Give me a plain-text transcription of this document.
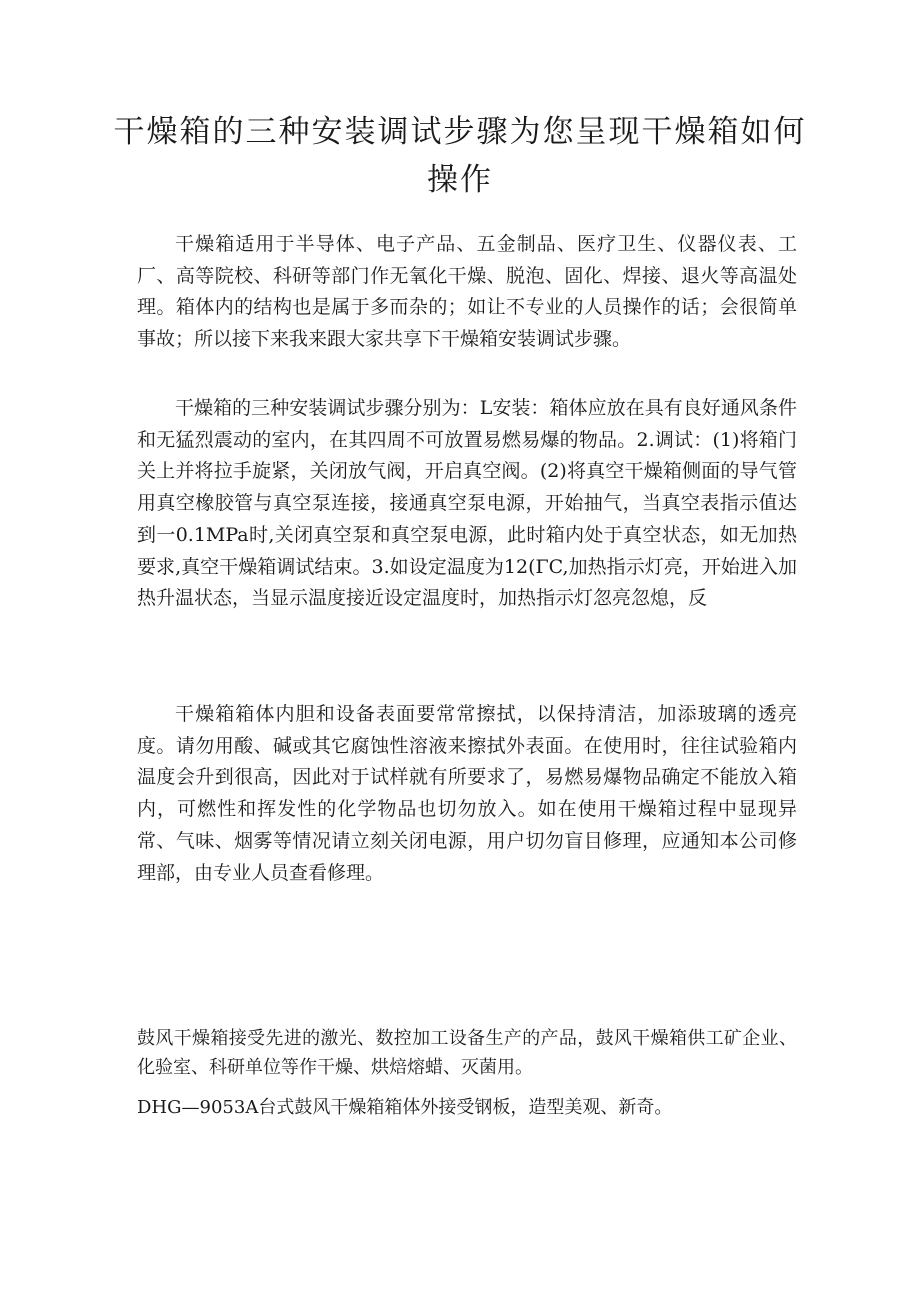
干燥箱的三种安装调试步骤为您呈现干燥箱如何操作

干燥箱适用于半导体、电子产品、五金制品、医疗卫生、仪器仪表、工厂、高等院校、科研等部门作无氧化干燥、脱泡、固化、焊接、退火等高温处理。箱体内的结构也是属于多而杂的；如让不专业的人员操作的话；会很简单事故；所以接下来我来跟大家共享下干燥箱安装调试步骤。

干燥箱的三种安装调试步骤分别为：L安装：箱体应放在具有良好通风条件和无猛烈震动的室内，在其四周不可放置易燃易爆的物品。2.调试：(1)将箱门关上并将拉手旋紧，关闭放气阀，开启真空阀。(2)将真空干燥箱侧面的导气管用真空橡胶管与真空泵连接，接通真空泵电源，开始抽气，当真空表指示值达到一0.1MPa时,关闭真空泵和真空泵电源，此时箱内处于真空状态，如无加热要求,真空干燥箱调试结束。3.如设定温度为12(ΓC,加热指示灯亮，开始进入加热升温状态，当显示温度接近设定温度时，加热指示灯忽亮忽熄，反

干燥箱箱体内胆和设备表面要常常擦拭，以保持清洁，加添玻璃的透亮度。请勿用酸、碱或其它腐蚀性溶液来擦拭外表面。在使用时，往往试验箱内温度会升到很高，因此对于试样就有所要求了，易燃易爆物品确定不能放入箱内，可燃性和挥发性的化学物品也切勿放入。如在使用干燥箱过程中显现异常、气味、烟雾等情况请立刻关闭电源，用户切勿盲目修理，应通知本公司修理部，由专业人员查看修理。

鼓风干燥箱接受先进的激光、数控加工设备生产的产品，鼓风干燥箱供工矿企业、化验室、科研单位等作干燥、烘焙熔蜡、灭菌用。

DHG—9053A台式鼓风干燥箱箱体外接受钢板，造型美观、新奇。
